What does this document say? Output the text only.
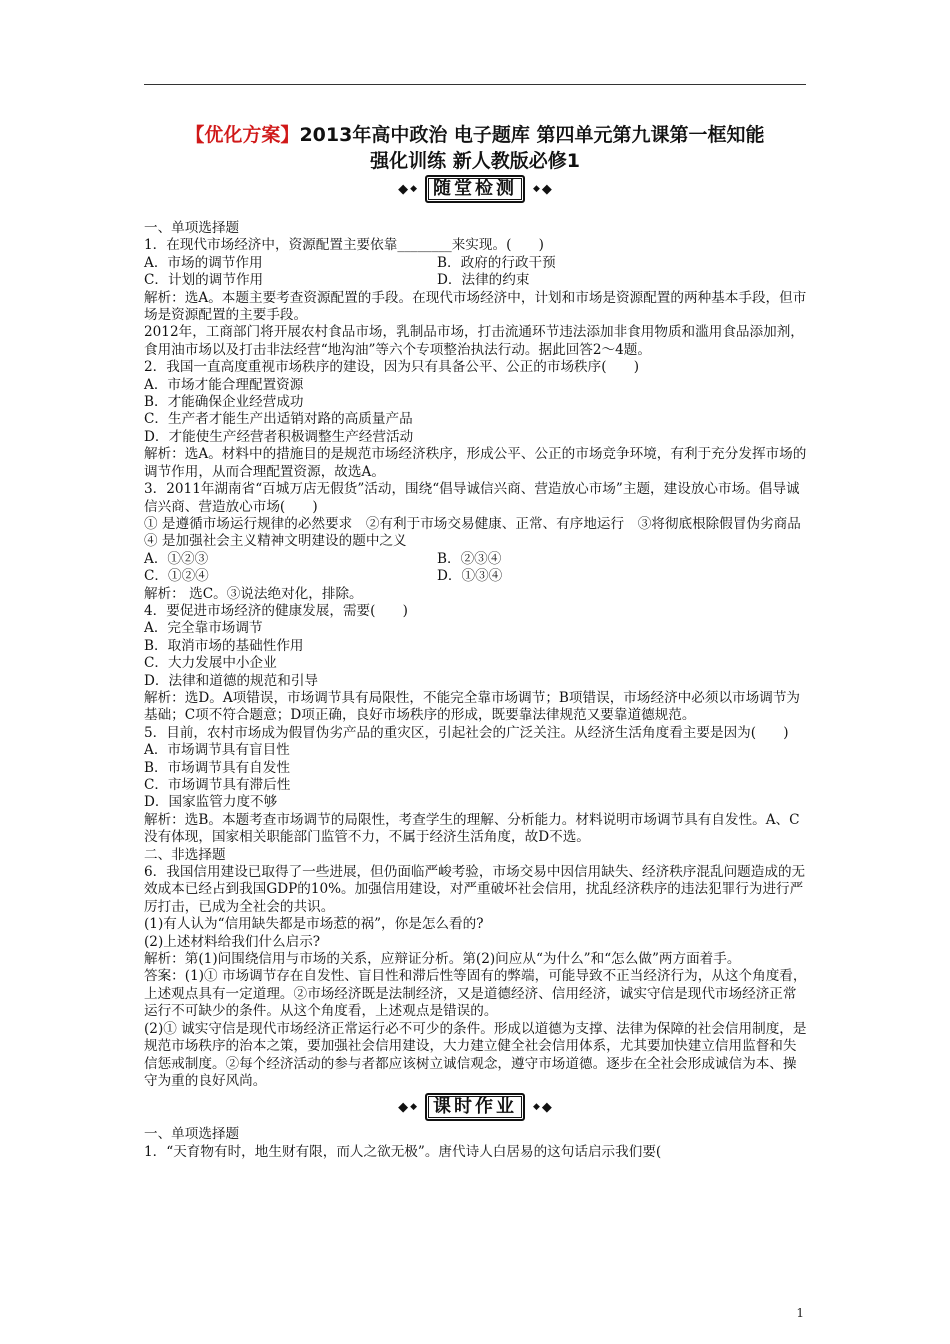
【优化方案】2013年高中政治 电子题库 第四单元第九课第一框知能
强化训练 新人教版必修1
◆ ◆ 随堂检测	◆ ◆

一、单项选择题

1．在现代市场经济中，资源配置主要依靠________来实现。(　　)

A．市场的调节作用	B．政府的行政干预
C．计划的调节作用	D．法律的约束

解析：选A。本题主要考查资源配置的手段。在现代市场经济中，计划和市场是资源配置的两种基本手段，但市场是资源配置的主要手段。

2012年，工商部门将开展农村食品市场，乳制品市场，打击流通环节违法添加非食用物质和滥用食品添加剂，食用油市场以及打击非法经营“地沟油”等六个专项整治执法行动。据此回答2～4题。

2．我国一直高度重视市场秩序的建设，因为只有具备公平、公正的市场秩序(　　)

A．市场才能合理配置资源

B．才能确保企业经营成功

C．生产者才能生产出适销对路的高质量产品

D．才能使生产经营者积极调整生产经营活动

解析：选A。材料中的措施目的是规范市场经济秩序，形成公平、公正的市场竞争环境，有利于充分发挥市场的调节作用，从而合理配置资源，故选A。

3．2011年湖南省“百城万店无假货”活动，围绕“倡导诚信兴商、营造放心市场”主题，建设放心市场。倡导诚信兴商、营造放心市场(　　)

① 是遵循市场运行规律的必然要求　②有利于市场交易健康、正常、有序地运行　③将彻底根除假冒伪劣商品

④ 是加强社会主义精神文明建设的题中之义

A．①②③	B．②③④
C．①②④	D．①③④

解析： 选C。③说法绝对化，排除。

4．要促进市场经济的健康发展，需要(　　)

A．完全靠市场调节

B．取消市场的基础性作用

C．大力发展中小企业

D．法律和道德的规范和引导

解析：选D。A项错误，市场调节具有局限性，不能完全靠市场调节；B项错误，市场经济中必须以市场调节为基础；C项不符合题意；D项正确，良好市场秩序的形成，既要靠法律规范又要靠道德规范。

5．目前，农村市场成为假冒伪劣产品的重灾区，引起社会的广泛关注。从经济生活角度看主要是因为(　　)

A．市场调节具有盲目性

B．市场调节具有自发性

C．市场调节具有滞后性

D．国家监管力度不够

解析：选B。本题考查市场调节的局限性，考查学生的理解、分析能力。材料说明市场调节具有自发性。A、C没有体现，国家相关职能部门监管不力，不属于经济生活角度，故D不选。

二、非选择题

6．我国信用建设已取得了一些进展，但仍面临严峻考验，市场交易中因信用缺失、经济秩序混乱问题造成的无效成本已经占到我国GDP的10%。加强信用建设，对严重破坏社会信用，扰乱经济秩序的违法犯罪行为进行严厉打击，已成为全社会的共识。

(1)有人认为“信用缺失都是市场惹的祸”，你是怎么看的?

(2)上述材料给我们什么启示?

解析：第(1)问围绕信用与市场的关系，应辩证分析。第(2)问应从“为什么”和“怎么做”两方面着手。

答案：(1)① 市场调节存在自发性、盲目性和滞后性等固有的弊端，可能导致不正当经济行为，从这个角度看，上述观点具有一定道理。②市场经济既是法制经济，又是道德经济、信用经济，诚实守信是现代市场经济正常运行不可缺少的条件。从这个角度看，上述观点是错误的。

(2)① 诚实守信是现代市场经济正常运行必不可少的条件。形成以道德为支撑、法律为保障的社会信用制度，是规范市场秩序的治本之策，要加强社会信用建设，大力建立健全社会信用体系，尤其要加快建立信用监督和失信惩戒制度。②每个经济活动的参与者都应该树立诚信观念，遵守市场道德。逐步在全社会形成诚信为本、操守为重的良好风尚。

◆ ◆ 课时作业	◆ ◆

一、单项选择题

1．“天育物有时，地生财有限，而人之欲无极”。唐代诗人白居易的这句话启示我们要(

1
